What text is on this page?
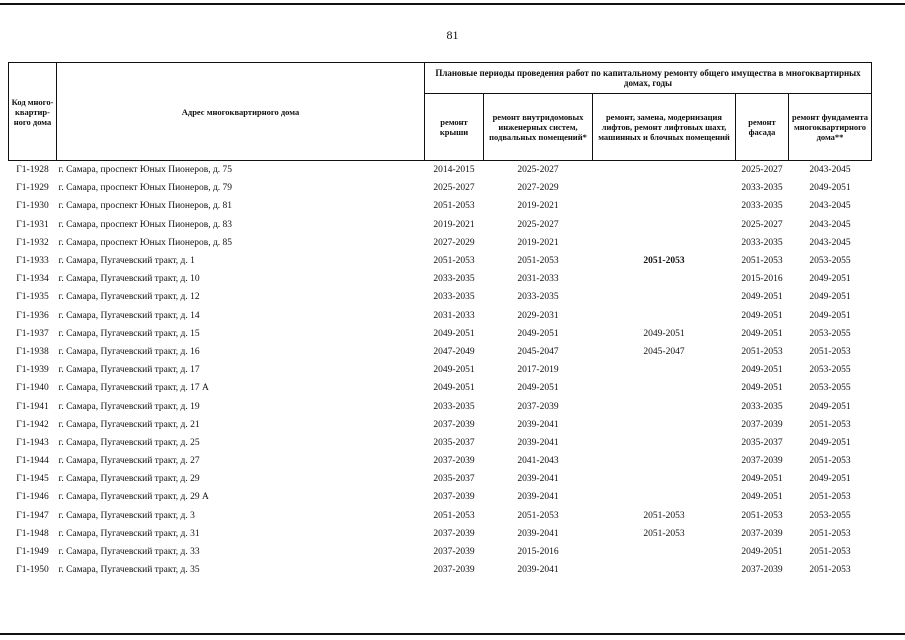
81
Код много-квартир-ного дома	Адрес многоквартирного дома	Плановые периоды проведения работ по капитальному ремонту общего имущества в многоквартирных домах, годы				
		ремонт крыши	ремонт внутридомовых инженерных систем, подвальных помещений*	ремонт, замена, модернизация лифтов, ремонт лифтовых шахт, машинных и блочных помещений	ремонт фасада	ремонт фундамента многоквартирного дома**
Г1-1928	г. Самара, проспект Юных Пионеров, д. 75	2014-2015	2025-2027		2025-2027	2043-2045
Г1-1929	г. Самара, проспект Юных Пионеров, д. 79	2025-2027	2027-2029		2033-2035	2049-2051
Г1-1930	г. Самара, проспект Юных Пионеров, д. 81	2051-2053	2019-2021		2033-2035	2043-2045
Г1-1931	г. Самара, проспект Юных Пионеров, д. 83	2019-2021	2025-2027		2025-2027	2043-2045
Г1-1932	г. Самара, проспект Юных Пионеров, д. 85	2027-2029	2019-2021		2033-2035	2043-2045
Г1-1933	г. Самара, Пугачевский тракт, д. 1	2051-2053	2051-2053	2051-2053	2051-2053	2053-2055
Г1-1934	г. Самара, Пугачевский тракт, д. 10	2033-2035	2031-2033		2015-2016	2049-2051
Г1-1935	г. Самара, Пугачевский тракт, д. 12	2033-2035	2033-2035		2049-2051	2049-2051
Г1-1936	г. Самара, Пугачевский тракт, д. 14	2031-2033	2029-2031		2049-2051	2049-2051
Г1-1937	г. Самара, Пугачевский тракт, д. 15	2049-2051	2049-2051	2049-2051	2049-2051	2053-2055
Г1-1938	г. Самара, Пугачевский тракт, д. 16	2047-2049	2045-2047	2045-2047	2051-2053	2051-2053
Г1-1939	г. Самара, Пугачевский тракт, д. 17	2049-2051	2017-2019		2049-2051	2053-2055
Г1-1940	г. Самара, Пугачевский тракт, д. 17 А	2049-2051	2049-2051		2049-2051	2053-2055
Г1-1941	г. Самара, Пугачевский тракт, д. 19	2033-2035	2037-2039		2033-2035	2049-2051
Г1-1942	г. Самара, Пугачевский тракт, д. 21	2037-2039	2039-2041		2037-2039	2051-2053
Г1-1943	г. Самара, Пугачевский тракт, д. 25	2035-2037	2039-2041		2035-2037	2049-2051
Г1-1944	г. Самара, Пугачевский тракт, д. 27	2037-2039	2041-2043		2037-2039	2051-2053
Г1-1945	г. Самара, Пугачевский тракт, д. 29	2035-2037	2039-2041		2049-2051	2049-2051
Г1-1946	г. Самара, Пугачевский тракт, д. 29 А	2037-2039	2039-2041		2049-2051	2051-2053
Г1-1947	г. Самара, Пугачевский тракт, д. 3	2051-2053	2051-2053	2051-2053	2051-2053	2053-2055
Г1-1948	г. Самара, Пугачевский тракт, д. 31	2037-2039	2039-2041	2051-2053	2037-2039	2051-2053
Г1-1949	г. Самара, Пугачевский тракт, д. 33	2037-2039	2015-2016		2049-2051	2051-2053
Г1-1950	г. Самара, Пугачевский тракт, д. 35	2037-2039	2039-2041		2037-2039	2051-2053
